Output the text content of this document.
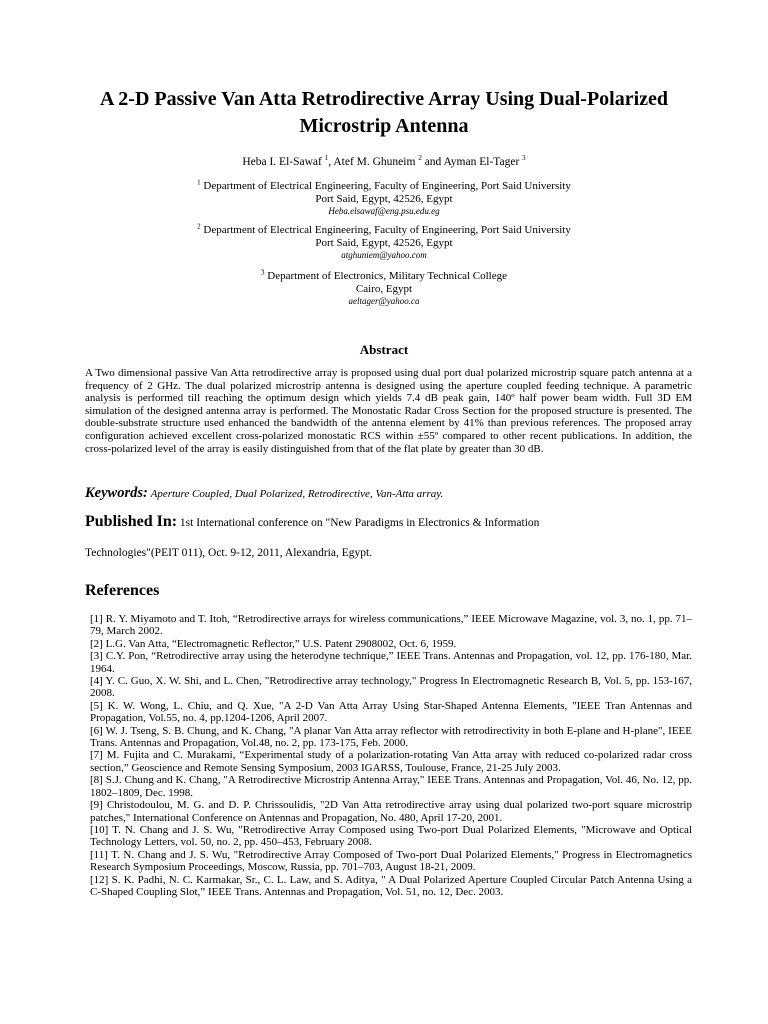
A 2-D Passive Van Atta Retrodirective Array Using Dual-Polarized Microstrip Antenna
Heba I. El-Sawaf $^1$, Atef M. Ghuneim $^2$ and Ayman El-Tager $^3$
$^1$ Department of Electrical Engineering, Faculty of Engineering, Port Said University
Port Said, Egypt, 42526, Egypt
Heba.elsawaf@eng.psu.edu.eg
$^2$ Department of Electrical Engineering, Faculty of Engineering, Port Said University
Port Said, Egypt, 42526, Egypt
atghuniem@yahoo.com
$^3$ Department of Electronics, Military Technical College
Cairo, Egypt
aeltager@yahoo.ca
Abstract
A Two dimensional passive Van Atta retrodirective array is proposed using dual port dual polarized microstrip square patch antenna at a frequency of 2 GHz. The dual polarized microstrip antenna is designed using the aperture coupled feeding technique. A parametric analysis is performed till reaching the optimum design which yields 7.4 dB peak gain, 140º half power beam width. Full 3D EM simulation of the designed antenna array is performed. The Monostatic Radar Cross Section for the proposed structure is presented. The double-substrate structure used enhanced the bandwidth of the antenna element by 41% than previous references. The proposed array configuration achieved excellent cross-polarized monostatic RCS within ±55º compared to other recent publications. In addition, the cross-polarized level of the array is easily distinguished from that of the flat plate by greater than 30 dB.
Keywords: Aperture Coupled, Dual Polarized, Retrodirective, Van-Atta array.
Published In: 1st International conference on "New Paradigms in Electronics & Information
Technologies"(PEIT 011), Oct. 9-12, 2011, Alexandria, Egypt.
References

[1] R. Y. Miyamoto and T. Itoh, “Retrodirective arrays for wireless communications,” IEEE Microwave Magazine, vol. 3, no. 1, pp. 71–79, March 2002.

[2] L.G. Van Atta, “Electromagnetic Reflector,” U.S. Patent 2908002, Oct. 6, 1959.

[3] C.Y. Pon, “Retrodirective array using the heterodyne technique,” IEEE Trans. Antennas and Propagation, vol. 12, pp. 176-180, Mar. 1964.

[4] Y. C. Guo, X. W. Shi, and L. Chen, "Retrodirective array technology," Progress In Electromagnetic Research B, Vol. 5, pp. 153-167, 2008.

[5] K. W. Wong, L. Chiu, and Q. Xue, "A 2-D Van Atta Array Using Star-Shaped Antenna Elements, "IEEE Tran Antennas and Propagation, Vol.55, no. 4, pp.1204-1206, April 2007.

[6] W. J. Tseng, S. B. Chung, and K. Chang, "A planar Van Atta array reflector with retrodirectivity in both E-plane and H-plane", IEEE Trans. Antennas and Propagation, Vol.48, no. 2, pp. 173-175, Feb. 2000.

[7] M. Fujita and C. Murakami, “Experimental study of a polarization-rotating Van Atta array with reduced co-polarized radar cross section,” Geoscience and Remote Sensing Symposium, 2003 IGARSS, Toulouse, France, 21-25 July 2003.

[8] S.J. Chung and K. Chang, "A Retrodirective Microstrip Antenna Array," IEEE Trans. Antennas and Propagation, Vol. 46, No. 12, pp. 1802–1809, Dec. 1998.

[9] Christodoulou, M. G. and D. P. Chrissoulidis, "2D Van Atta retrodirective array using dual polarized two-port square microstrip patches," International Conference on Antennas and Propagation, No. 480, April 17-20, 2001.

[10] T. N. Chang and J. S. Wu, "Retrodirective Array Composed using Two-port Dual Polarized Elements, "Microwave and Optical Technology Letters, vol. 50, no. 2, pp. 450–453, February 2008.

[11] T. N. Chang and J. S. Wu, "Retrodirective Array Composed of Two-port Dual Polarized Elements," Progress in Electromagnetics Research Symposium Proceedings, Moscow, Russia, pp. 701–703, August 18-21, 2009.

[12] S. K. Padhi, N. C. Karmakar, Sr., C. L. Law, and S. Aditya, " A Dual Polarized Aperture Coupled Circular Patch Antenna Using a C-Shaped Coupling Slot,” IEEE Trans. Antennas and Propagation, Vol. 51, no. 12, Dec. 2003.
